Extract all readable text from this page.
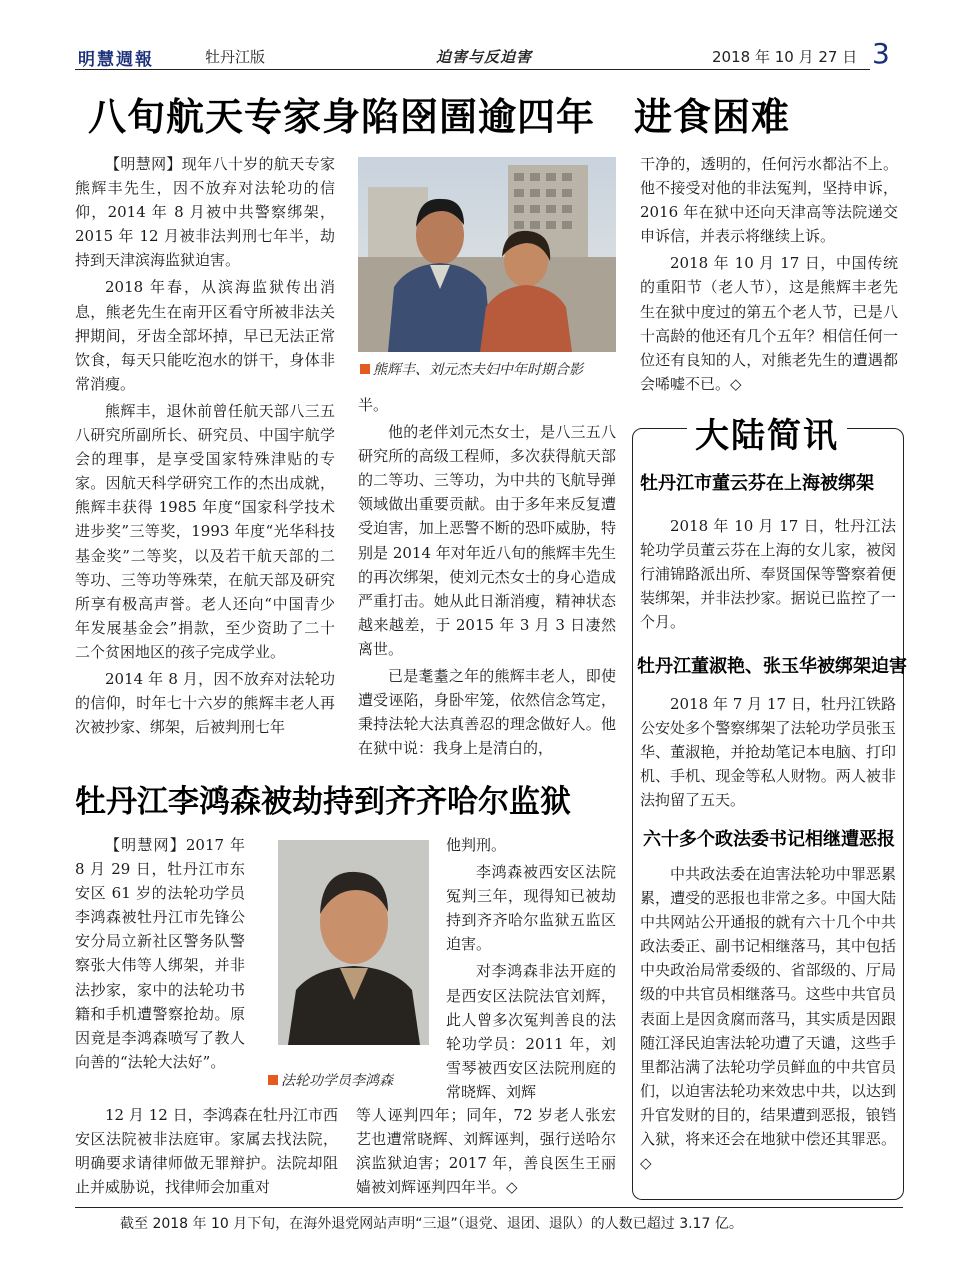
明慧週報	牡丹江版	迫害与反迫害	2018 年 10 月 27 日 3
八旬航天专家身陷囹圄逾四年　进食困难

【明慧网】现年八十岁的航天专家熊辉丰先生，因不放弃对法轮功的信仰，2014 年 8 月被中共警察绑架，2015 年 12 月被非法判刑七年半，劫持到天津滨海监狱迫害。

2018 年春，从滨海监狱传出消息，熊老先生在南开区看守所被非法关押期间，牙齿全部坏掉，早已无法正常饮食，每天只能吃泡水的饼干，身体非常消瘦。

熊辉丰，退休前曾任航天部八三五八研究所副所长、研究员、中国宇航学会的理事，是享受国家特殊津贴的专家。因航天科学研究工作的杰出成就，熊辉丰获得 1985 年度“国家科学技术进步奖”三等奖，1993 年度“光华科技基金奖”二等奖，以及若干航天部的二等功、三等功等殊荣，在航天部及研究所享有极高声誉。老人还向“中国青少年发展基金会”捐款，至少资助了二十二个贫困地区的孩子完成学业。

2014 年 8 月，因不放弃对法轮功的信仰，时年七十六岁的熊辉丰老人再次被抄家、绑架，后被判刑七年

熊辉丰、刘元杰夫妇中年时期合影

半。

他的老伴刘元杰女士，是八三五八研究所的高级工程师，多次获得航天部的二等功、三等功，为中共的飞航导弹领域做出重要贡献。由于多年来反复遭受迫害，加上恶警不断的恐吓威胁，特别是 2014 年对年近八旬的熊辉丰先生的再次绑架，使刘元杰女士的身心造成严重打击。她从此日渐消瘦，精神状态越来越差，于 2015 年 3 月 3 日凄然离世。

已是耄耋之年的熊辉丰老人，即使遭受诬陷，身卧牢笼，依然信念笃定，秉持法轮大法真善忍的理念做好人。他在狱中说：我身上是清白的，

干净的，透明的，任何污水都沾不上。他不接受对他的非法冤判，坚持申诉，2016 年在狱中还向天津高等法院递交申诉信，并表示将继续上诉。

2018 年 10 月 17 日，中国传统的重阳节（老人节），这是熊辉丰老先生在狱中度过的第五个老人节，已是八十高龄的他还有几个五年？相信任何一位还有良知的人，对熊老先生的遭遇都会唏嘘不已。◇

牡丹江李鸿森被劫持到齐齐哈尔监狱

【明慧网】2017 年 8 月 29 日，牡丹江市东安区 61 岁的法轮功学员李鸿森被牡丹江市先锋公安分局立新社区警务队警察张大伟等人绑架，并非法抄家，家中的法轮功书籍和手机遭警察抢劫。原因竟是李鸿森喷写了教人向善的“法轮大法好”。

法轮功学员李鸿森

12 月 12 日，李鸿森在牡丹江市西安区法院被非法庭审。家属去找法院，明确要求请律师做无罪辩护。法院却阻止并威胁说，找律师会加重对

他判刑。

李鸿森被西安区法院冤判三年，现得知已被劫持到齐齐哈尔监狱五监区迫害。

对李鸿森非法开庭的是西安区法院法官刘辉，此人曾多次冤判善良的法轮功学员：2011 年，刘雪琴被西安区法院刑庭的常晓辉、刘辉

等人诬判四年；同年，72 岁老人张宏艺也遭常晓辉、刘辉诬判，强行送哈尔滨监狱迫害；2017 年，善良医生王丽嫱被刘辉诬判四年半。◇

大陆简讯
牡丹江市董云芬在上海被绑架

2018 年 10 月 17 日，牡丹江法轮功学员董云芬在上海的女儿家，被闵行浦锦路派出所、奉贤国保等警察着便装绑架，并非法抄家。据说已监控了一个月。

牡丹江董淑艳、张玉华被绑架迫害

2018 年 7 月 17 日，牡丹江铁路公安处多个警察绑架了法轮功学员张玉华、董淑艳，并抢劫笔记本电脑、打印机、手机、现金等私人财物。两人被非法拘留了五天。

六十多个政法委书记相继遭恶报

中共政法委在迫害法轮功中罪恶累累，遭受的恶报也非常之多。中国大陆中共网站公开通报的就有六十几个中共政法委正、副书记相继落马，其中包括中央政治局常委级的、省部级的、厅局级的中共官员相继落马。这些中共官员表面上是因贪腐而落马，其实质是因跟随江泽民迫害法轮功遭了天谴，这些手里都沾满了法轮功学员鲜血的中共官员们，以迫害法轮功来效忠中共，以达到升官发财的目的，结果遭到恶报，锒铛入狱，将来还会在地狱中偿还其罪恶。◇

截至 2018 年 10 月下旬，在海外退党网站声明“三退”（退党、退团、退队）的人数已超过 3.17 亿。
